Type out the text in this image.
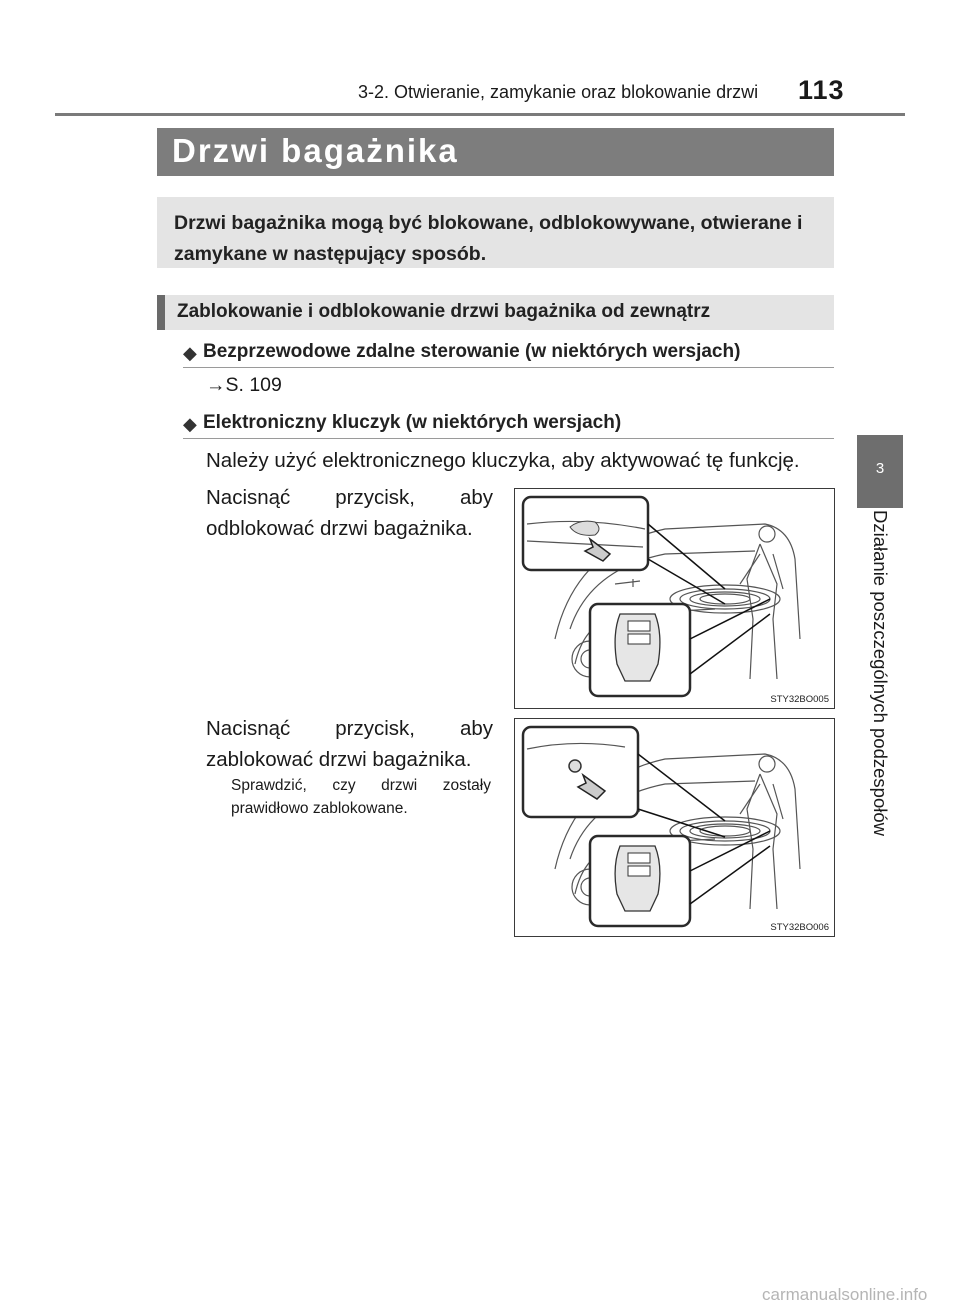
3-2. Otwieranie, zamykanie oraz blokowanie drzwi 113
3
Działanie poszczególnych podzespołów
Drzwi bagażnika
Drzwi bagażnika mogą być blokowane, odblokowywane, otwierane i zamykane w następujący sposób.
Zablokowanie i odblokowanie drzwi bagażnika od zewnątrz
◆ Bezprzewodowe zdalne sterowanie (w niektórych wersjach)
→S. 109
◆ Elektroniczny kluczyk (w niektórych wersjach)
Należy użyć elektronicznego kluczyka, aby aktywować tę funkcję.
Nacisnąć przycisk, aby odblokować drzwi bagażnika.
Nacisnąć przycisk, aby zablokować drzwi bagażnika.
Sprawdzić, czy drzwi zostały prawidłowo zablokowane.
STY32BO005
STY32BO006
carmanualsonline.info
